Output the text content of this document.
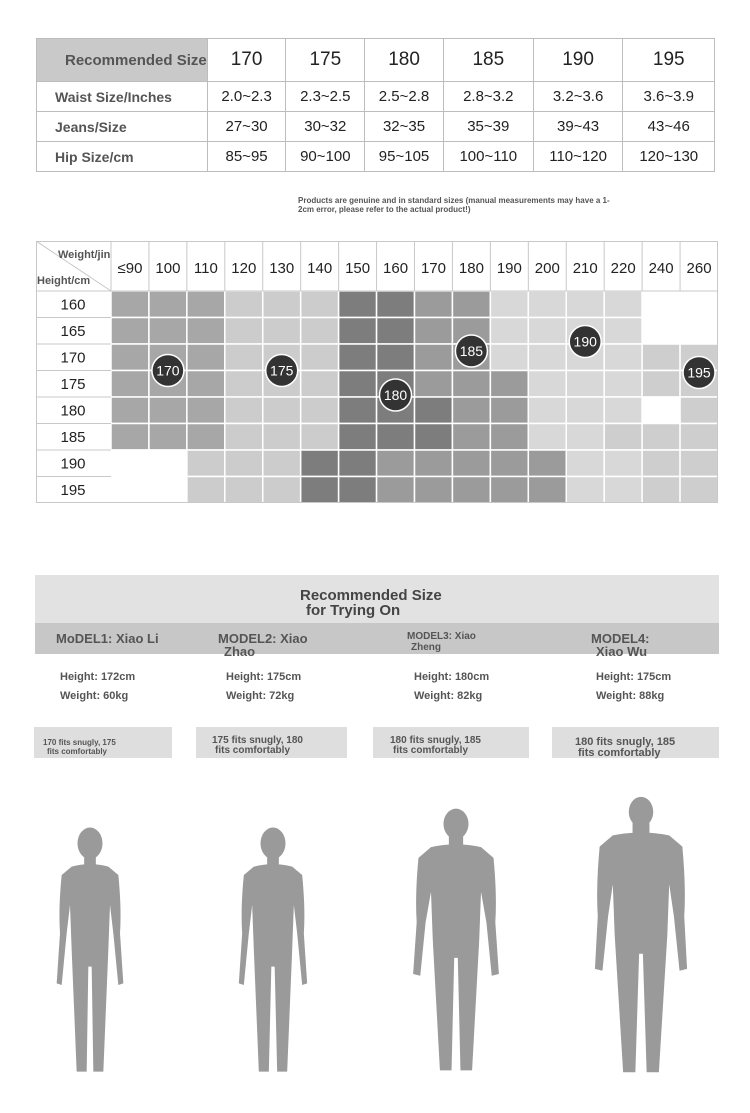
Recommended Size	170	175	180	185	190	195
Waist Size/Inches	2.0~2.3	2.3~2.5	2.5~2.8	2.8~3.2	3.2~3.6	3.6~3.9
Jeans/Size	27~30	30~32	32~35	35~39	39~43	43~46
Hip Size/cm	85~95	90~100	95~105	100~110	110~120	120~130
Products are genuine and in standard sizes (manual measurements may have a 1-2cm error, please refer to the actual product!)
Weight/jin
Height/cm
≤90 100 110 120 130 140 150 160 170 180 190 200 210 220 240 260
160
165
170
175
180
185
190
195
170	175
180
185
190
195
Recommended Size
for Trying On
MoDEL1: Xiao Li	MODEL2: Xiao
Zhao
MODEL3: Xiao
Zheng
MODEL4:
Xiao Wu
Height: 172cm
Weight: 60kg
Height: 175cm
Weight: 72kg
Height: 180cm
Weight: 82kg
Height: 175cm
Weight: 88kg
170 fits snugly, 175
fits comfortably
175 fits snugly, 180
fits comfortably
180 fits snugly, 185
fits comfortably
180 fits snugly, 185
fits comfortably
